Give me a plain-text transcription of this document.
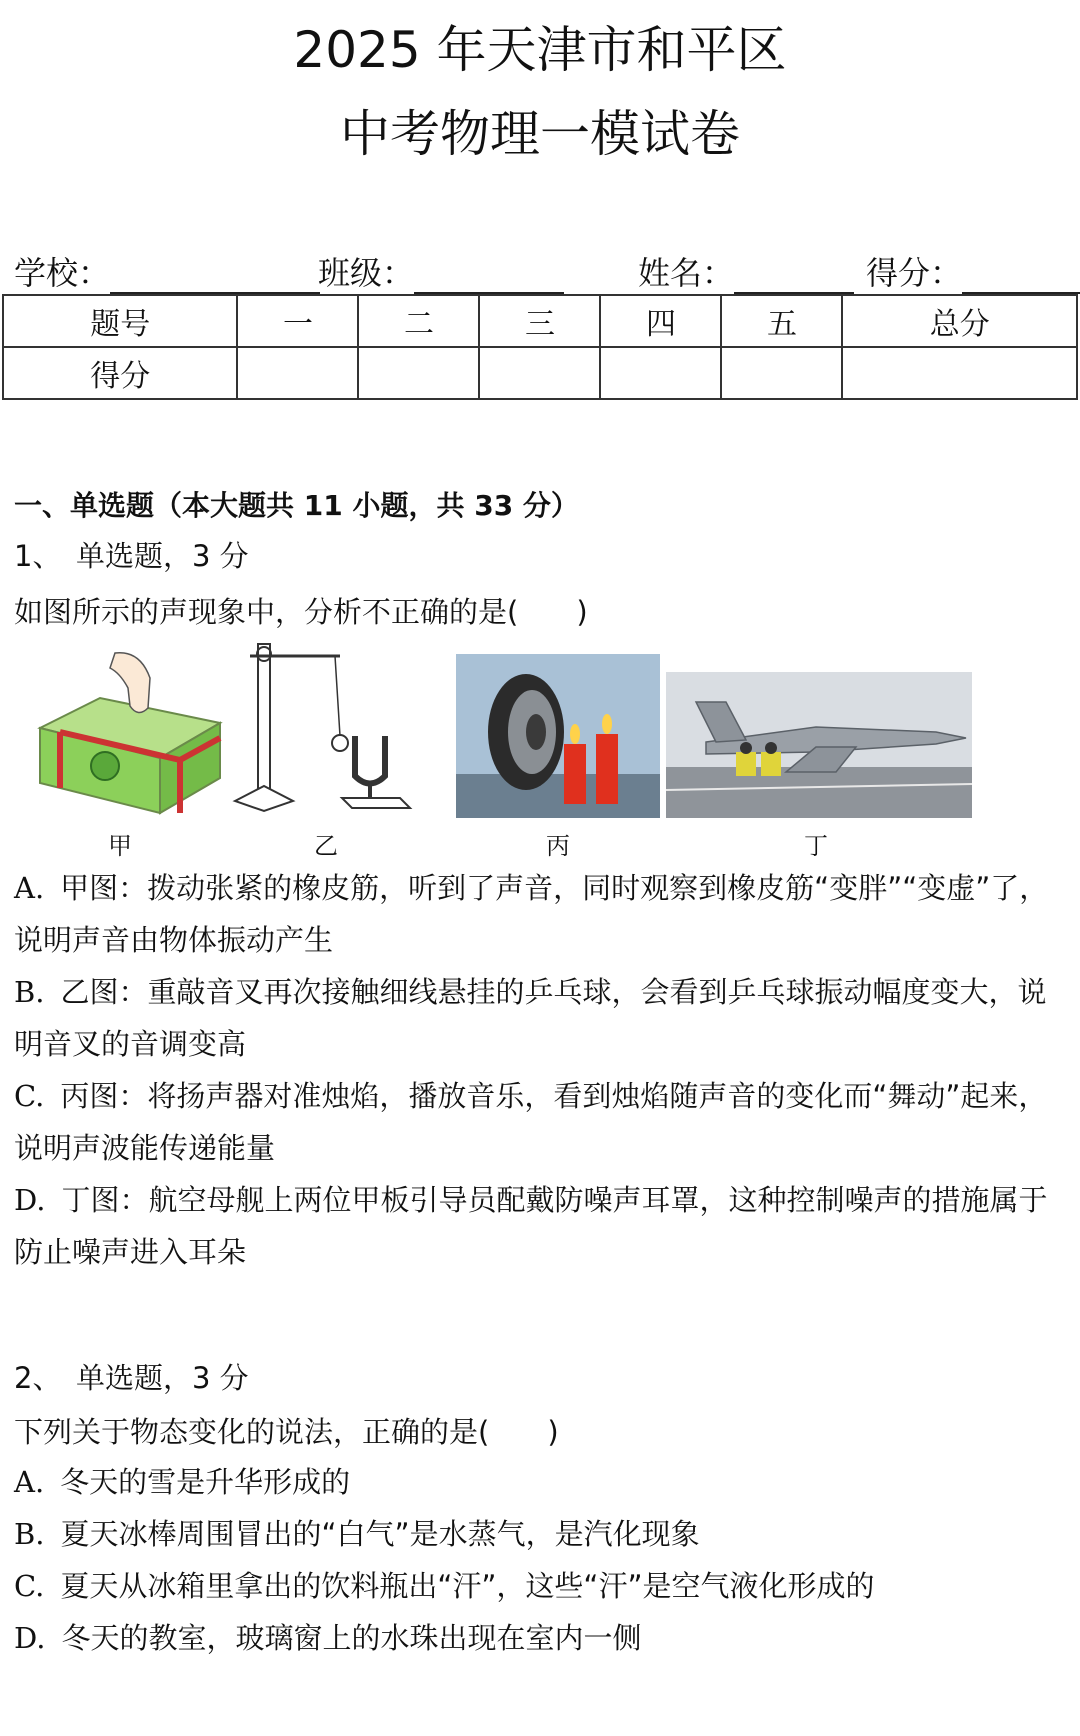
2025 年天津市和平区
中考物理一模试卷
学校：	班级：	姓名：	得分：
题号	一	二	三	四	五	总分
得分						
一、单选题（本大题共 11 小题，共 33 分）
1、　单选题，3 分
如图所示的声现象中，分析不正确的是(　　)
甲	乙	丙	丁
A. 甲图：拨动张紧的橡皮筋，听到了声音，同时观察到橡皮筋“变胖”“变虚”了，说明声音由物体振动产生
B. 乙图：重敲音叉再次接触细线悬挂的乒乓球，会看到乒乓球振动幅度变大，说明音叉的音调变高
C. 丙图：将扬声器对准烛焰，播放音乐，看到烛焰随声音的变化而“舞动”起来，说明声波能传递能量
D. 丁图：航空母舰上两位甲板引导员配戴防噪声耳罩，这种控制噪声的措施属于防止噪声进入耳朵
2、　单选题，3 分
下列关于物态变化的说法，正确的是(　　)
A. 冬天的雪是升华形成的
B. 夏天冰棒周围冒出的“白气”是水蒸气，是汽化现象
C. 夏天从冰箱里拿出的饮料瓶出“汗”，这些“汗”是空气液化形成的
D. 冬天的教室，玻璃窗上的水珠出现在室内一侧
